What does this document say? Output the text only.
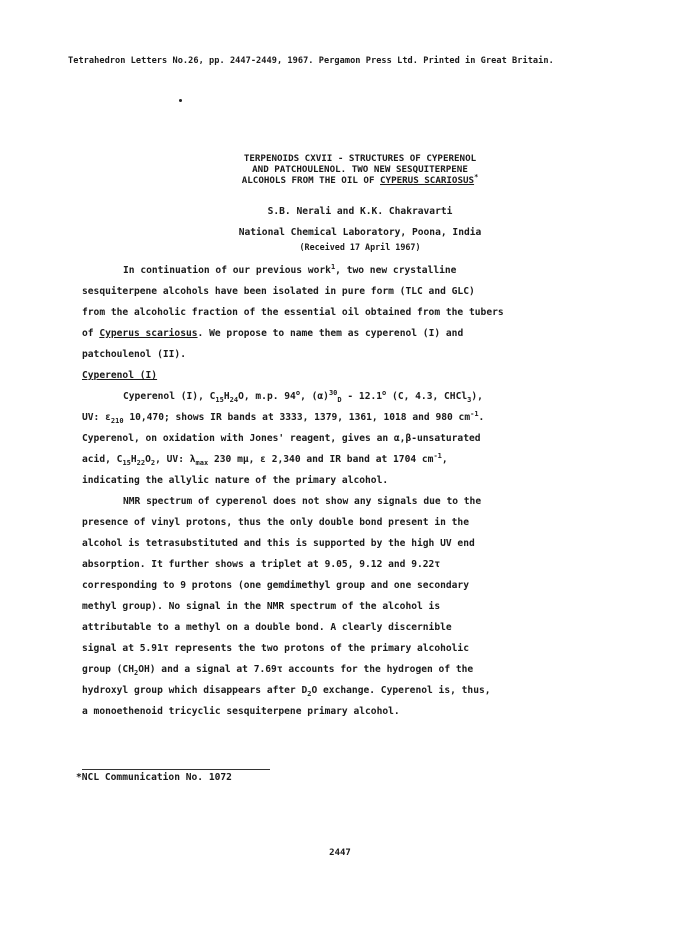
Tetrahedron Letters No.26, pp. 2447-2449, 1967. Pergamon Press Ltd. Printed in Great Britain.
TERPENOIDS CXVII - STRUCTURES OF CYPERENOL
AND PATCHOULENOL. TWO NEW SESQUITERPENE
ALCOHOLS FROM THE OIL OF CYPERUS SCARIOSUS*
S.B. Nerali and K.K. Chakravarti
National Chemical Laboratory, Poona, India
(Received 17 April 1967)
In continuation of our previous work$^1$, two new crystalline
sesquiterpene alcohols have been isolated in pure form (TLC and GLC)
from the alcoholic fraction of the essential oil obtained from the tubers
of Cyperus scariosus. We propose to name them as cyperenol (I) and
patchoulenol (II).
Cyperenol (I)
Cyperenol (I), $C_{15}H_{24}O$, m.p. 94$^o$, $(\alpha)^{30}_D - 12.1^o$ (C, 4.3, CHCl$_3$),
UV: $\varepsilon_{210}$ 10,470; shows IR bands at 3333, 1379, 1361, 1018 and 980 $cm^{-1}$.
Cyperenol, on oxidation with Jones' reagent, gives an α,β-unsaturated
acid, $C_{15}H_{22}O_2$, UV: $\lambda_{max}$ 230 mμ, ε 2,340 and IR band at 1704 $cm^{-1}$,
indicating the allylic nature of the primary alcohol.
NMR spectrum of cyperenol does not show any signals due to the
presence of vinyl protons, thus the only double bond present in the
alcohol is tetrasubstituted and this is supported by the high UV end
absorption. It further shows a triplet at 9.05, 9.12 and 9.22τ
corresponding to 9 protons (one gemdimethyl group and one secondary
methyl group). No signal in the NMR spectrum of the alcohol is
attributable to a methyl on a double bond. A clearly discernible
signal at 5.91τ represents the two protons of the primary alcoholic
group $(CH_2OH)$ and a signal at 7.69τ accounts for the hydrogen of the
hydroxyl group which disappears after $D_2O$ exchange. Cyperenol is, thus,
a monoethenoid tricyclic sesquiterpene primary alcohol.
*NCL Communication No. 1072
2447
